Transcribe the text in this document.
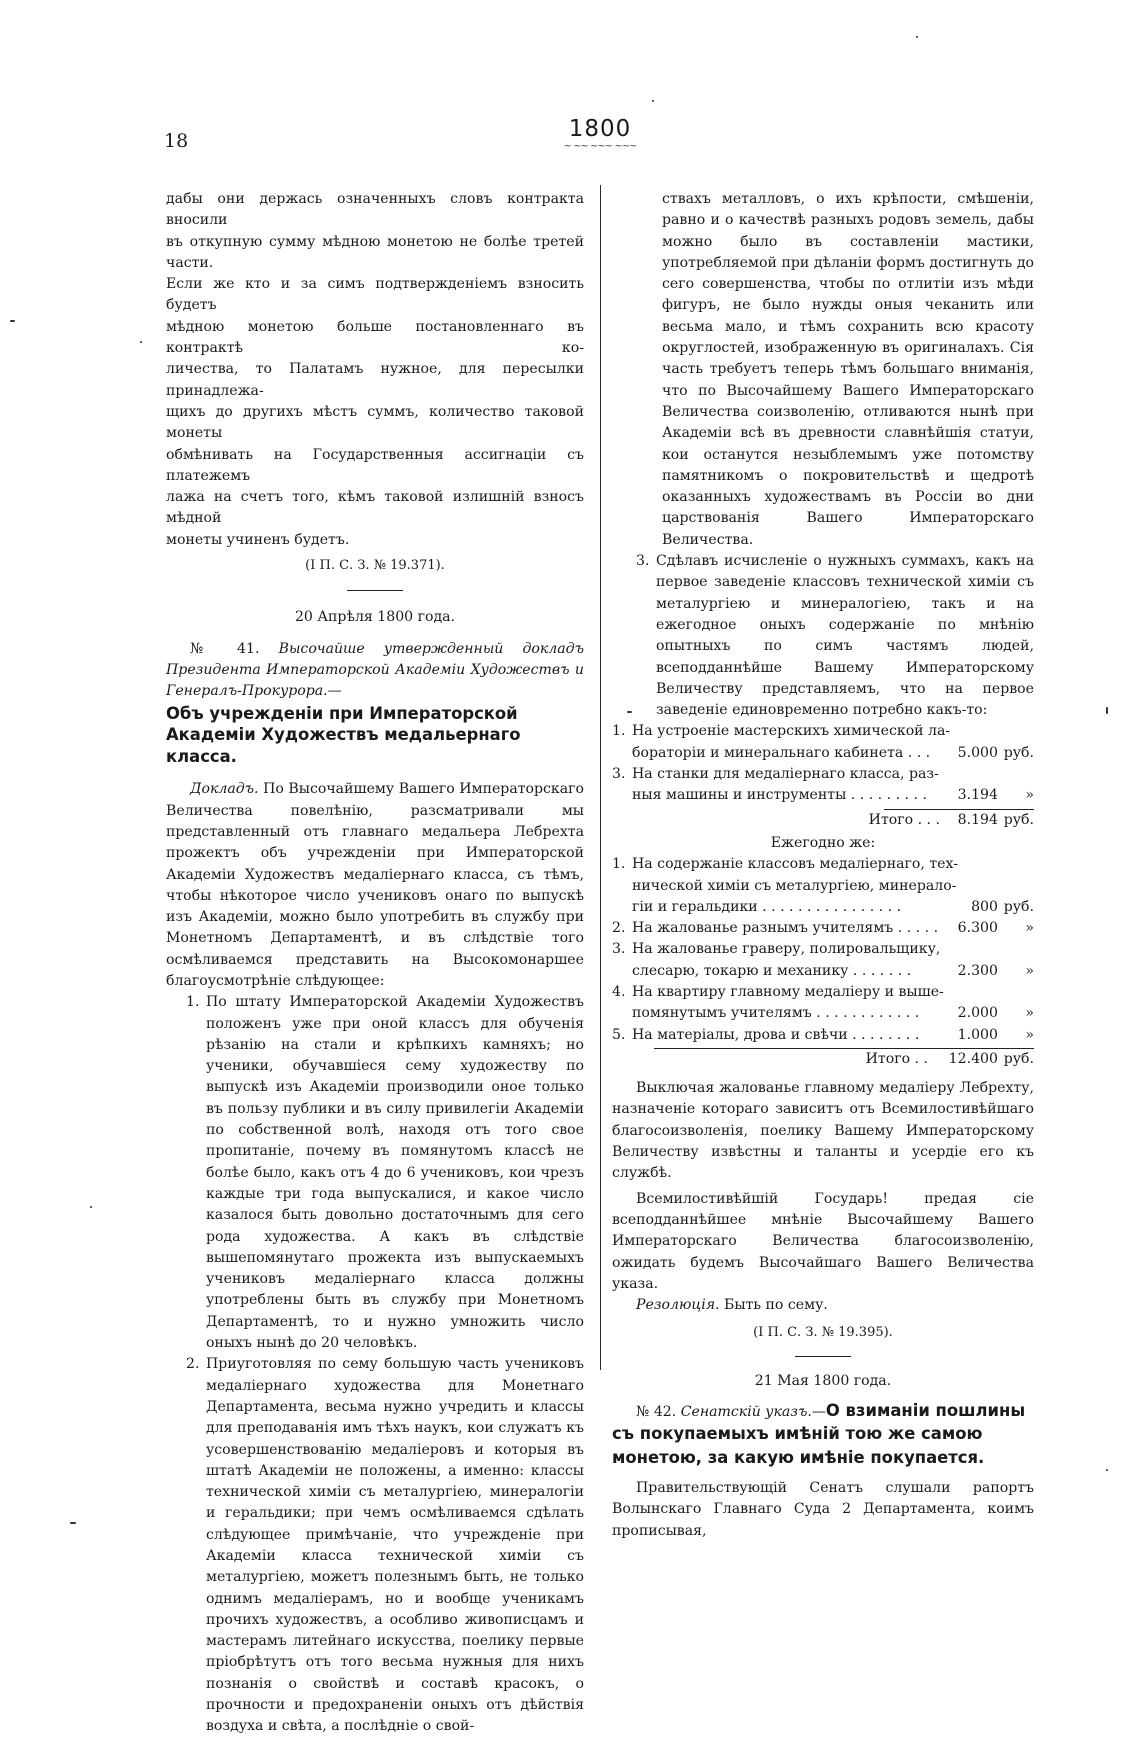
18	1800
~ ~~ ~~~ ~~~

дабы они держась означенныхъ словъ контракта вносили

въ откупную сумму мѣдною монетою не болѣе третей части.

Если же кто и за симъ подтвержденiемъ взносить будетъ

мѣдною монетою больше постановленнаго въ контрактѣ ко-

личества, то Палатамъ нужное, для пересылки принадлежа-

щихъ до другихъ мѣстъ суммъ, количество таковой монеты

обмѣнивать на Государственныя ассигнацiи съ платежемъ

лажа на счетъ того, кѣмъ таковой излишнiй взносъ мѣдной

монеты учиненъ будетъ.

(I П. С. З. № 19.371).

20 Апрѣля 1800 года.

№ 41. Высочайше утвержденный докладъ Президента Императорской Академiи Художествъ и Генералъ-Прокурора.—

Объ учрежденiи при Императорской Академiи Художествъ медальернаго класса.

Докладъ. По Высочайшему Вашего Императорскаго Величества повелѣнiю, разсматривали мы представленный отъ главнаго медальера Лебрехта прожектъ объ учрежденiи при Императорской Академiи Художествъ медалiернаго класса, съ тѣмъ, чтобы нѣкоторое число учениковъ онаго по выпускѣ изъ Академiи, можно было употребить въ службу при Монетномъ Департаментѣ, и въ слѣдствiе того осмѣливаемся представить на Высокомонаршее благоусмотрѣнiе слѣдующее:

1. По штату Императорской Академiи Художествъ положенъ уже при оной классъ для обученiя рѣзанiю на стали и крѣпкихъ камняхъ; но ученики, обучавшiеся сему художеству по выпускѣ изъ Академiи производили оное только въ пользу публики и въ силу привилегiи Академiи по собственной волѣ, находя отъ того свое пропитанiе, почему въ помянутомъ классѣ не болѣе было, какъ отъ 4 до 6 учениковъ, кои чрезъ каждые три года выпускалися, и какое число казалося быть довольно достаточнымъ для сего рода художества. А какъ въ слѣдствiе вышепомянутаго прожекта изъ выпускаемыхъ учениковъ медалiернаго класса должны употреблены быть въ службу при Монетномъ Департаментѣ, то и нужно умножить число оныхъ нынѣ до 20 человѣкъ.
2. Приуготовляя по сему большую часть учениковъ медалiернаго художества для Монетнаго Департамента, весьма нужно учредить и классы для преподаванiя имъ тѣхъ наукъ, кои служатъ къ усовершенствованiю медалiеровъ и которыя въ штатѣ Академiи не положены, а именно: классы технической химiи съ металургiею, минералогiи и геральдики; при чемъ осмѣливаемся сдѣлать слѣдующее примѣчанiе, что учрежденiе при Академiи класса технической химiи съ металургiею, можетъ полезнымъ быть, не только однимъ медалiерамъ, но и вообще ученикамъ прочихъ художествъ, а особливо живописцамъ и мастерамъ литейнаго искусства, поелику первые прiобрѣтутъ отъ того весьма нужныя для нихъ познанiя о свойствѣ и составѣ красокъ, о прочности и предохраненiи оныхъ отъ дѣйствiя воздуха и свѣта, а послѣднiе о свой-

ствахъ металловъ, о ихъ крѣпости, смѣшенiи, равно и о качествѣ разныхъ родовъ земель, дабы можно было въ составленiи мастики, употребляемой при дѣланiи формъ достигнуть до сего совершенства, чтобы по отлитiи изъ мѣди фигуръ, не было нужды оныя чеканить или весьма мало, и тѣмъ сохранить всю красоту округлостей, изображенную въ оригиналахъ. Сiя часть требуетъ теперь тѣмъ большаго вниманiя, что по Высочайшему Вашего Императорскаго Величества соизволенiю, отливаются нынѣ при Академiи всѣ въ древности славнѣйшiя статуи, кои останутся незыблемымъ уже потомству памятникомъ о покровительствѣ и щедротѣ оказанныхъ художествамъ въ Россiи во дни царствованiя Вашего Императорскаго Величества.

3. Сдѣлавъ исчисленiе о нужныхъ суммахъ, какъ на первое заведенiе классовъ технической химiи съ металургiею и минералогiею, такъ и на ежегодное оныхъ содержанiе по мнѣнiю опытныхъ по симъ частямъ людей, всеподданнѣйше Вашему Императорскому Величеству представляемъ, что на первое заведенiе единовременно потребно какъ-то:
1. На устроенiе мастерскихъ химической ла-
бораторiи и минеральнаго кабинета . . .	5.000 руб.
3. На станки для медалiернаго класса, раз-
ныя машины и инструменты . . . . . . . . .	3.194	»
Итого . . .	8.194 руб.

Ежегодно же:

1. На содержанiе классовъ медалiернаго, тех-
нической химiи съ металургiею, минерало-
гiи и геральдики . . . . . . . . . . . . . . . .	800 руб.
2. На жалованье разнымъ учителямъ . . . . .	6.300	»
3. На жалованье граверу, полировальщику,
слесарю, токарю и механику . . . . . . .	2.300	»
4. На квартиру главному медалiеру и выше-
помянутымъ учителямъ . . . . . . . . . . . .	2.000	»
5. На матерiалы, дрова и свѣчи . . . . . . . .	1.000	»
Итого . .	12.400 руб.

Выключая жалованье главному медалiеру Лебрехту, назначенiе котораго зависитъ отъ Всемилостивѣйшаго благосоизволенiя, поелику Вашему Императорскому Величеству извѣстны и таланты и усердiе его къ службѣ.

Всемилостивѣйшiй Государь! предая сiе всеподданнѣйшее мнѣнiе Высочайшему Вашего Императорскаго Величества благосоизволенiю, ожидать будемъ Высочайшаго Вашего Величества указа.

Резолюцiя. Быть по сему.

(I П. С. З. № 19.395).

21 Мая 1800 года.

№ 42. Сенатскiй указъ.—О взиманiи пошлины съ покупаемыхъ имѣнiй тою же самою монетою, за какую имѣнiе покупается.

Правительствующiй Сенатъ слушали рапортъ Волынскаго Главнаго Суда 2 Департамента, коимъ прописывая,
